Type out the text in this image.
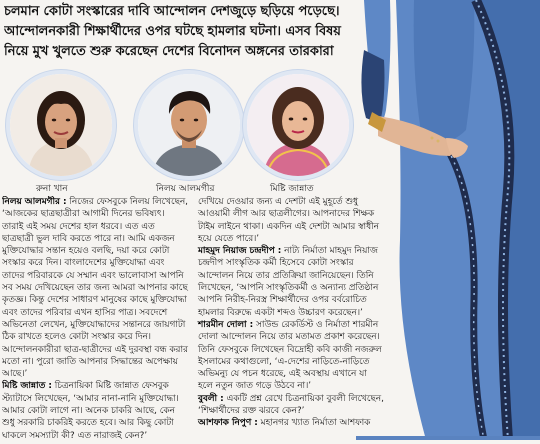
চলমান কোটা সংস্কারের দাবি আন্দোলন দেশজুড়ে ছড়িয়ে পড়েছে।
আন্দোলনকারী শিক্ষার্থীদের ওপর ঘটছে হামলার ঘটনা। এসব বিষয়
নিয়ে মুখ খুলতে শুরু করেছেন দেশের বিনোদন অঙ্গনের তারকারা
রুনা খান	নিলয় আলমগীর	মিষ্টি জান্নাত

নিলয় আলমগীর : নিজের ফেসবুকে নিলয় লিখেছেন, ‘আজকের ছাত্রছাত্রীরা আগামী দিনের ভবিষ্যৎ। তারাই এই সময় দেশের হাল ধরবে। এত এত ছাত্রছাত্রী ভুল দাবি করতে পারে না। আমি একজন মুক্তিযোদ্ধার সন্তান হয়েও বলছি, দয়া করে কোটা সংস্কার করে দিন। বাংলাদেশের মুক্তিযোদ্ধা এবং তাদের পরিবারকে যে সম্মান এবং ভালোবাসা আপনি সব সময় দেখিয়েছেন তার জন্য আমরা আপনার কাছে কৃতজ্ঞ। কিন্তু দেশের সাধারণ মানুষের কাছে মুক্তিযোদ্ধা এবং তাদের পরিবার এখন হাসির পাত্র। সবদেশে অভিনেতা লেখেন, মুক্তিযোদ্ধাদের সন্তানরে জায়গাটা ঠিক রাখতে হলেও কোটা সংস্কার করে দিন। আন্দোলনকারীরা ছাত্র-ছাত্রীদের এই দুরবস্থা বন্ধ করার মতো না। পুরো জাতি আপনার সিদ্ধান্তের অপেক্ষায় আছে।’

মিষ্টি জান্নাত : চিত্রনায়িকা মিষ্টি জান্নাত ফেসবুক স্ট্যাটাসে লিখেছেন, ‘আমার নানা-নানি মুক্তিযোদ্ধা। আমার কোটা লাগে না। অনেক চাকরি আছে, কেন শুধু সরকারি চাকরিই করতে হবে। আর কিছু কোটা ঘাকলে সমস্যাটা কী? এত নারাজই কেন?’

দেখিয়ে দেওয়ার জন্য এ দেশটা এই মুহূর্তে শুধু আওয়ামী লীগ আর ছাত্রলীগের। আপনাদের শিক্ষক টাইম লাইনে থাকা। একদিন এই দেশটা আমার স্বাধীন হয়ে যেতে পারে।’

মাহমুদ নিয়াজ চন্দ্রদীপ : নাট্য নির্মাতা মাহমুদ নিয়াজ চন্দ্রদীপ সাংস্কৃতিক কর্মী হিসেবে কোটা সংস্কার আন্দোলন নিয়ে তার প্রতিক্রিয়া জানিয়েছেন। তিনি লিখেছেন, ‘আপনি সাংস্কৃতিকর্মী ও অন্যান্য প্রতিষ্ঠান আপনি নিরীহ-নিরস্ত্র শিক্ষার্থীদের ওপর বর্বরোচিত হামলার বিরুদ্ধে একটা শব্দও উচ্চারণ করেছেন।’

শারমীন দোলা : সাউন্ড রেকর্ডিস্ট ও নির্মাতা শারমীন দোলা আন্দোলন নিয়ে তার মতামত প্রকাশ করেছেন। তিনি ফেসবুকে লিখেছেন বিদ্রোহী কবি কাজী নজরুল ইসলামের কথাগুলো, ‘এ-দেশের নাড়িতে-নাড়িতে অভিমন্যু যে পচন ধরেছে, এই অবস্থায় এখানে যা হলে নতুন জাত গড়ে উঠবে না।’

বুবলী : একটি প্রশ্ন রেখে চিত্রনায়িকা বুবলী লিখেছেন, ‘শিক্ষার্থীদের রক্ত ঝরবে কেন?’

আশফাক নিপুণ : মহানগর খ্যাত নির্মাতা আশফাক
